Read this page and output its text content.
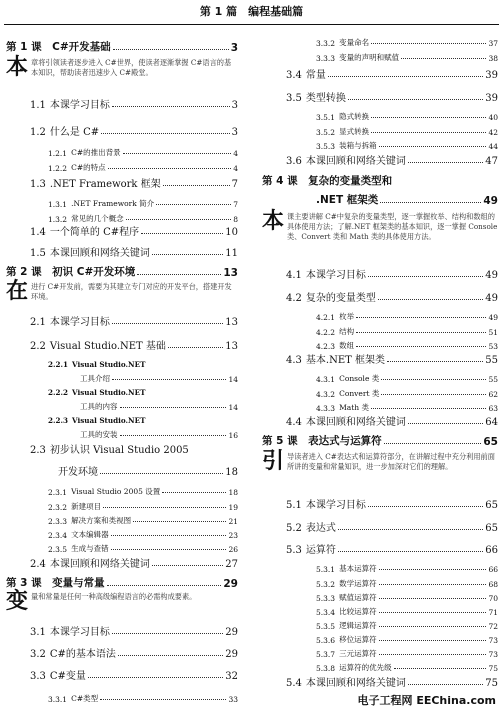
第 1 篇　编程基础篇
第 1 课　C#开发基础	3
本章将引领读者逐步进入 C#世界，使读者逐渐掌握 C#语言的基本知识，帮助读者迅速步入 C#殿堂。
1.1 本课学习目标	3
1.2 什么是 C#	3
1.2.1 C#的推出背景	4
1.2.2 C#的特点	4
1.3 .NET Framework 框架	7
1.3.1 .NET Framework 简介	7
1.3.2 常见的几个概念	8
1.4 一个简单的 C#程序	10
1.5 本课回顾和网络关键词	11
第 2 课　初识 C#开发环境	13
在进行 C#开发前，需要为其建立专门对应的开发平台，搭建开发环境。
2.1 本课学习目标	13
2.2 Visual Studio.NET 基础	13
2.2.1 Visual Studio.NET
工具介绍	14
2.2.2 Visual Studio.NET
工具的内容	14
2.2.3 Visual Studio.NET
工具的安装	16
2.3 初步认识 Visual Studio 2005
开发环境	18
2.3.1 Visual Studio 2005 设置	18
2.3.2 新建项目	19
2.3.3 解决方案和类视图	21
2.3.4 文本编辑器	23
2.3.5 生成与查错	26
2.4 本课回顾和网络关键词	27
第 3 课　变量与常量	29
变量和常量是任何一种高级编程语言的必需构成要素。
3.1 本课学习目标	29
3.2 C#的基本语法	29
3.3 C#变量	32
3.3.1 C#类型	33
3.3.2 变量命名	37
3.3.3 变量的声明和赋值	38
3.4 常量	39
3.5 类型转换	39
3.5.1 隐式转换	40
3.5.2 显式转换	42
3.5.3 装箱与拆箱	44
3.6 本课回顾和网络关键词	47
第 4 课　复杂的变量类型和
.NET 框架类	49
本课主要讲解 C#中复杂的变量类型，逐一掌握枚举、结构和数组的具体使用方法；了解.NET 框架类的基本知识，逐一掌握 Console 类、Convert 类和 Math 类的具体使用方法。
4.1 本课学习目标	49
4.2 复杂的变量类型	49
4.2.1 枚举	49
4.2.2 结构	51
4.2.3 数组	53
4.3 基本.NET 框架类	55
4.3.1 Console 类	55
4.3.2 Convert 类	62
4.3.3 Math 类	63
4.4 本课回顾和网络关键词	64
第 5 课　表达式与运算符	65
引导读者进入 C#表达式和运算符部分，在讲解过程中充分利用前面所讲的变量和常量知识，进一步加深对它们的理解。
5.1 本课学习目标	65
5.2 表达式	65
5.3 运算符	66
5.3.1 基本运算符	66
5.3.2 数学运算符	68
5.3.3 赋值运算符	70
5.3.4 比较运算符	71
5.3.5 逻辑运算符	72
5.3.6 移位运算符	73
5.3.7 三元运算符	73
5.3.8 运算符的优先级	75
5.4 本课回顾和网络关键词	75
电子工程网 EEChina.com
